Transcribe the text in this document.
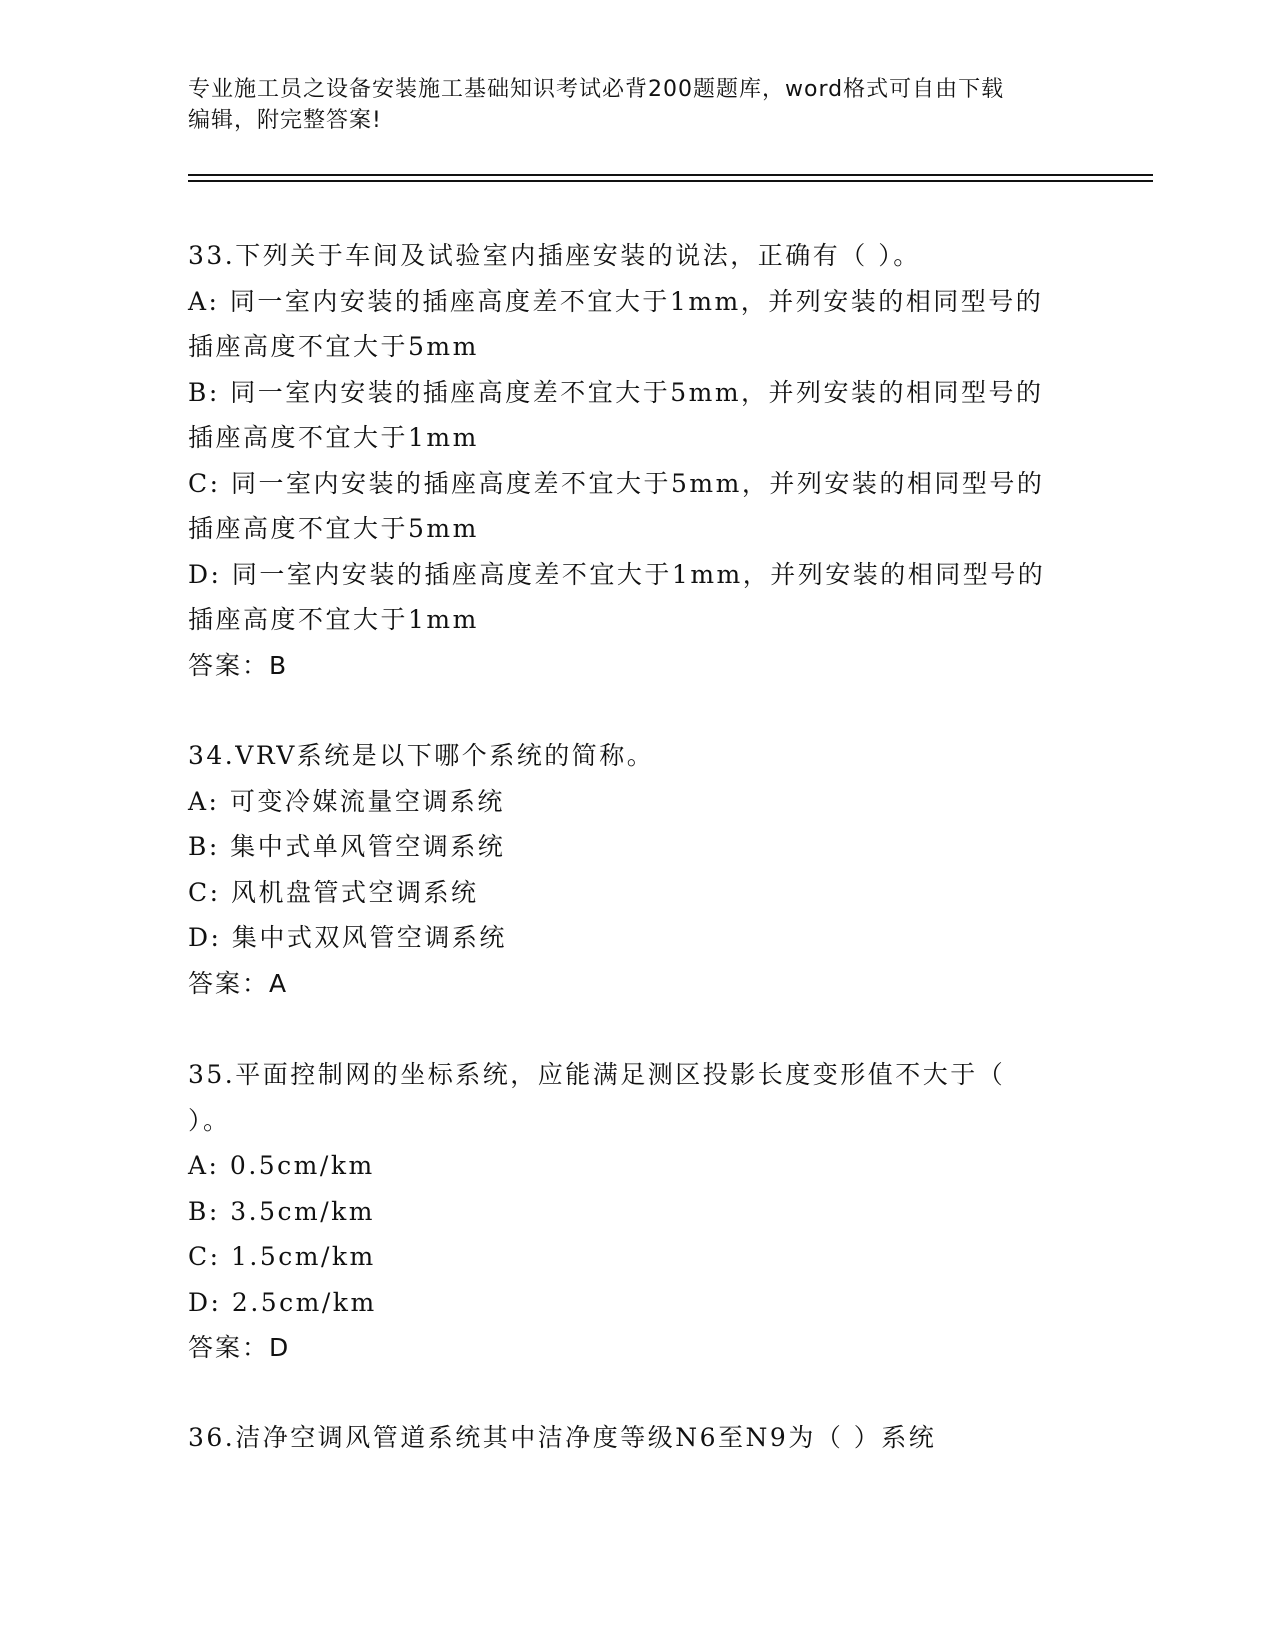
专业施工员之设备安装施工基础知识考试必背200题题库，word格式可自由下载
编辑，附完整答案!
33.下列关于车间及试验室内插座安装的说法，正确有（ ）。
A: 同一室内安装的插座高度差不宜大于1mm，并列安装的相同型号的
插座高度不宜大于5mm
B: 同一室内安装的插座高度差不宜大于5mm，并列安装的相同型号的
插座高度不宜大于1mm
C: 同一室内安装的插座高度差不宜大于5mm，并列安装的相同型号的
插座高度不宜大于5mm
D: 同一室内安装的插座高度差不宜大于1mm，并列安装的相同型号的
插座高度不宜大于1mm
答案：B
34.VRV系统是以下哪个系统的简称。
A: 可变冷媒流量空调系统
B: 集中式单风管空调系统
C: 风机盘管式空调系统
D: 集中式双风管空调系统
答案：A
35.平面控制网的坐标系统，应能满足测区投影长度变形值不大于（
）。
A: 0.5cm/km
B: 3.5cm/km
C: 1.5cm/km
D: 2.5cm/km
答案：D
36.洁净空调风管道系统其中洁净度等级N6至N9为（ ）系统
